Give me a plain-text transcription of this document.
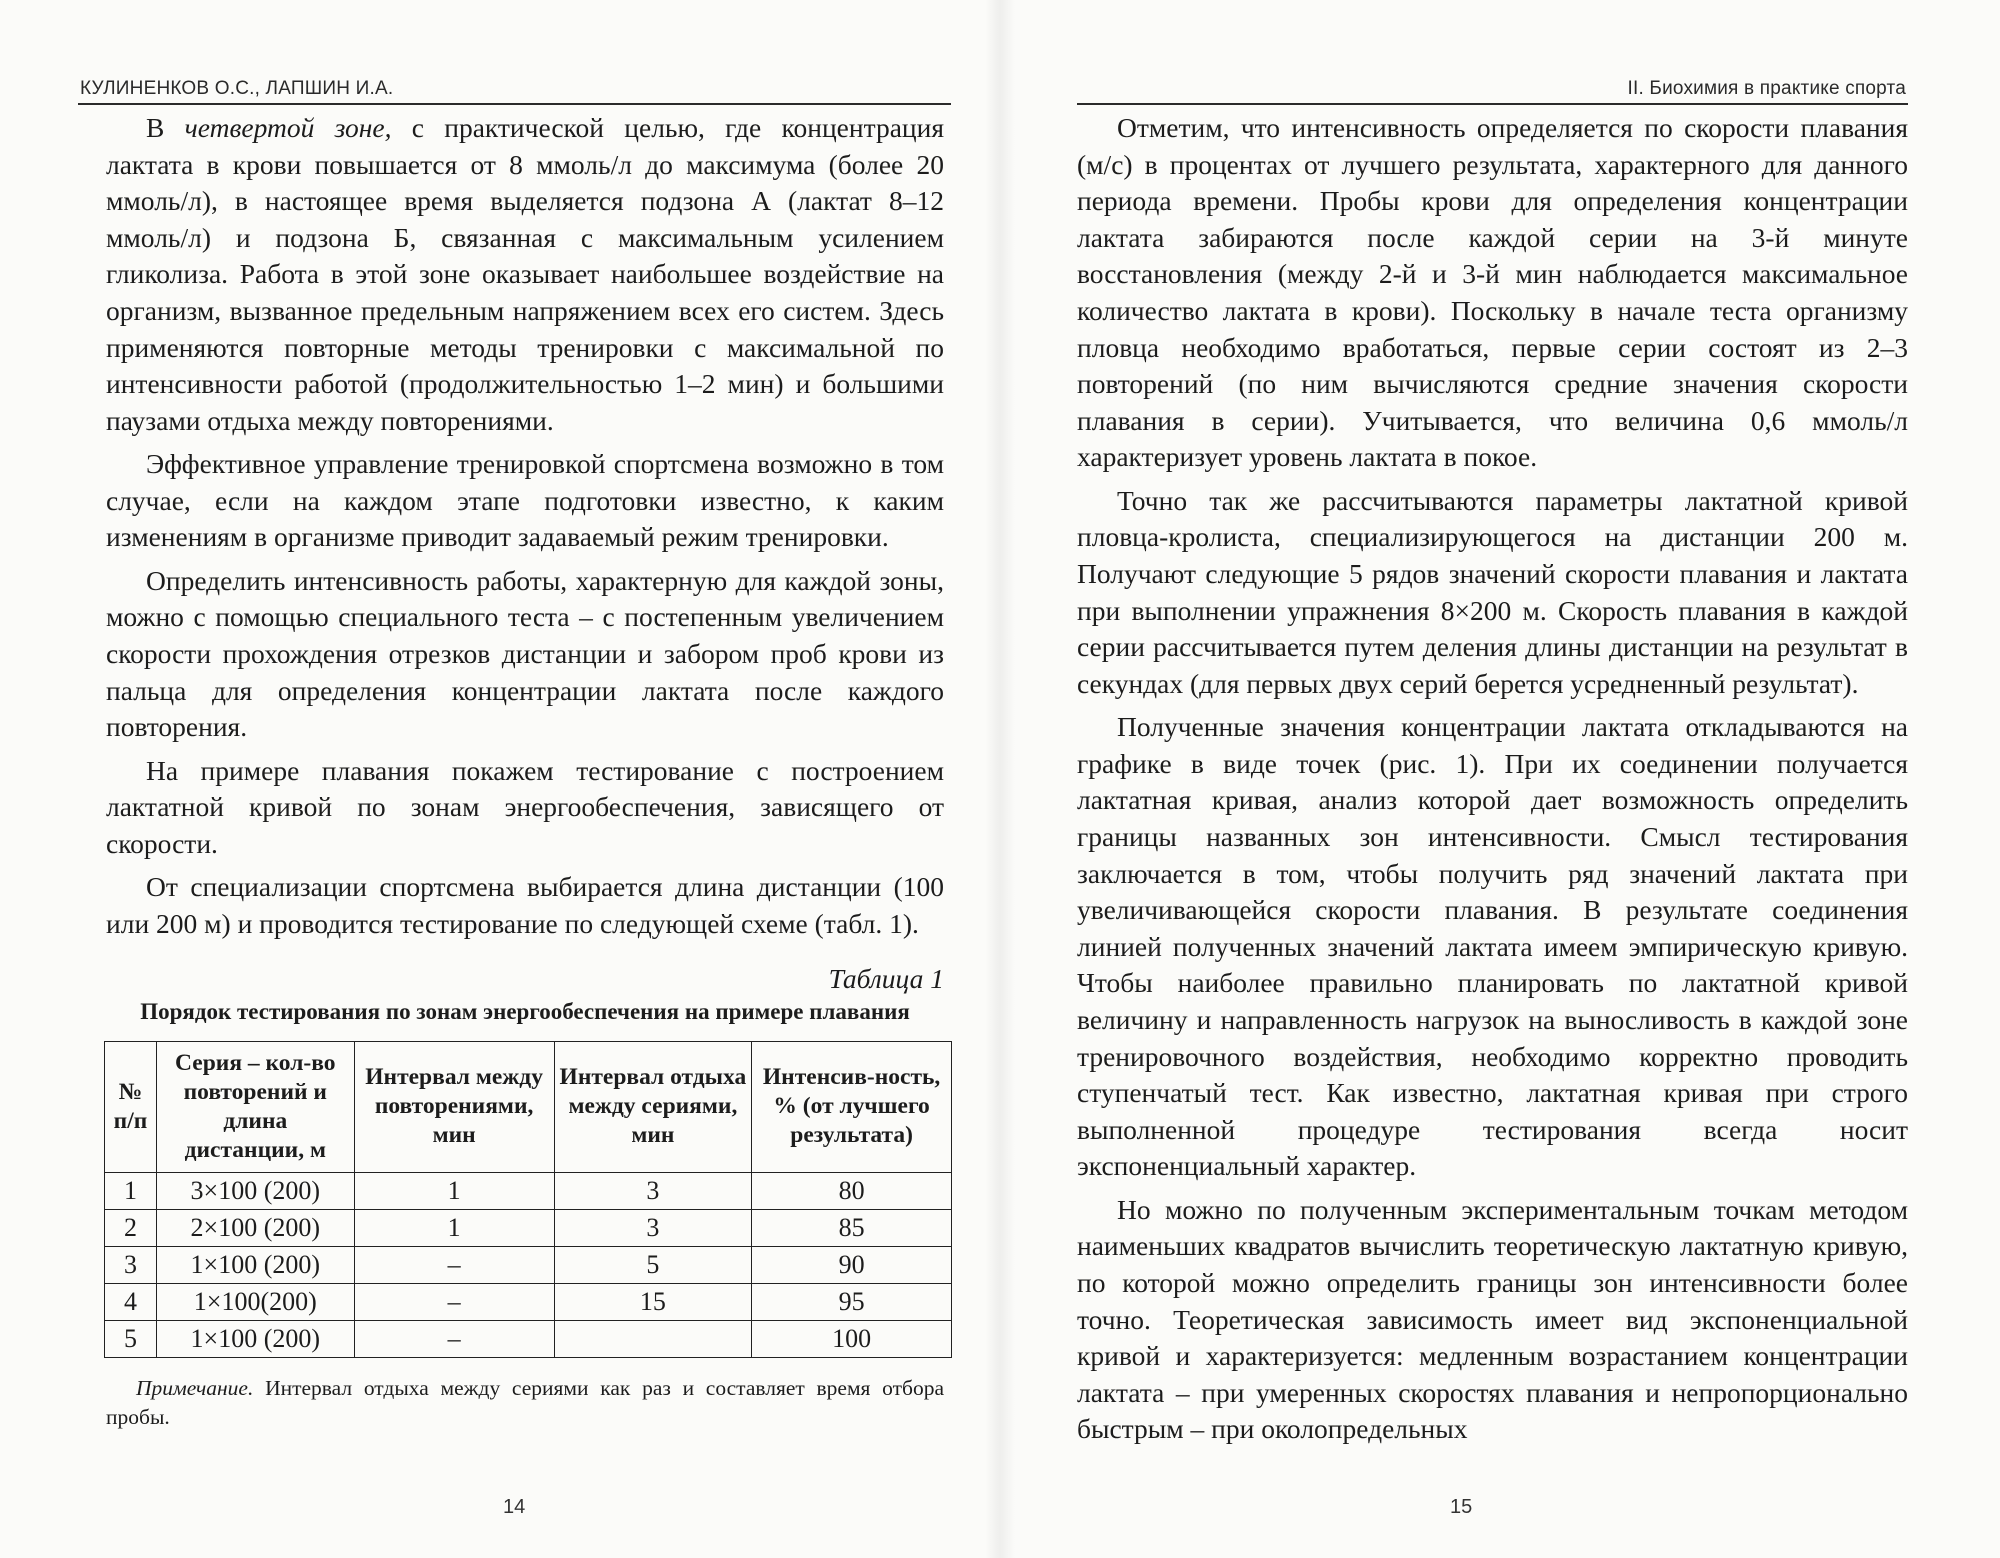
КУЛИНЕНКОВ О.С., ЛАПШИН И.А.

В четвертой зоне, с практической целью, где концентрация лактата в крови повышается от 8 ммоль/л до максимума (более 20 ммоль/л), в настоящее время выделяется подзона А (лактат 8–12 ммоль/л) и подзона Б, связанная с максимальным усилением гликолиза. Работа в этой зоне оказывает наибольшее воздействие на организм, вызванное предельным напряжением всех его систем. Здесь применяются повторные методы тренировки с максимальной по интенсивности работой (продолжительностью 1–2 мин) и большими паузами отдыха между повторениями.

Эффективное управление тренировкой спортсмена возможно в том случае, если на каждом этапе подготовки известно, к каким изменениям в организме приводит задаваемый режим тренировки.

Определить интенсивность работы, характерную для каждой зоны, можно с помощью специального теста – с постепенным увеличением скорости прохождения отрезков дистанции и забором проб крови из пальца для определения концентрации лактата после каждого повторения.

На примере плавания покажем тестирование с построением лактатной кривой по зонам энергообеспечения, зависящего от скорости.

От специализации спортсмена выбирается длина дистанции (100 или 200 м) и проводится тестирование по следующей схеме (табл. 1).

Таблица 1
Порядок тестирования по зонам энергообеспечения на примере плавания
№ п/п	Серия – кол-во повторений и длина дистанции, м	Интервал между повторениями, мин	Интервал отдыха между сериями, мин	Интенсив-ность, % (от лучшего результата)
1	3×100 (200)	1	3	80
2	2×100 (200)	1	3	85
3	1×100 (200)	–	5	90
4	1×100(200)	–	15	95
5	1×100 (200)	–		100
Примечание. Интервал отдыха между сериями как раз и составляет время отбора пробы.
14
II. Биохимия в практике спорта

Отметим, что интенсивность определяется по скорости плавания (м/с) в процентах от лучшего результата, характерного для данного периода времени. Пробы крови для определения концентрации лактата забираются после каждой серии на 3-й минуте восстановления (между 2-й и 3-й мин наблюдается максимальное количество лактата в крови). Поскольку в начале теста организму пловца необходимо вработаться, первые серии состоят из 2–3 повторений (по ним вычисляются средние значения скорости плавания в серии). Учитывается, что величина 0,6 ммоль/л характеризует уровень лактата в покое.

Точно так же рассчитываются параметры лактатной кривой пловца-кролиста, специализирующегося на дистанции 200 м. Получают следующие 5 рядов значений скорости плавания и лактата при выполнении упражнения 8×200 м. Скорость плавания в каждой серии рассчитывается путем деления длины дистанции на результат в секундах (для первых двух серий берется усредненный результат).

Полученные значения концентрации лактата откладываются на графике в виде точек (рис. 1). При их соединении получается лактатная кривая, анализ которой дает возможность определить границы названных зон интенсивности. Смысл тестирования заключается в том, чтобы получить ряд значений лактата при увеличивающейся скорости плавания. В результате соединения линией полученных значений лактата имеем эмпирическую кривую. Чтобы наиболее правильно планировать по лактатной кривой величину и направленность нагрузок на выносливость в каждой зоне тренировочного воздействия, необходимо корректно проводить ступенчатый тест. Как известно, лактатная кривая при строго выполненной процедуре тестирования всегда носит экспоненциальный характер.

Но можно по полученным экспериментальным точкам методом наименьших квадратов вычислить теоретическую лактатную кривую, по которой можно определить границы зон интенсивности более точно. Теоретическая зависимость имеет вид экспоненциальной кривой и характеризуется: медленным возрастанием концентрации лактата – при умеренных скоростях плавания и непропорционально быстрым – при околопредельных

15
